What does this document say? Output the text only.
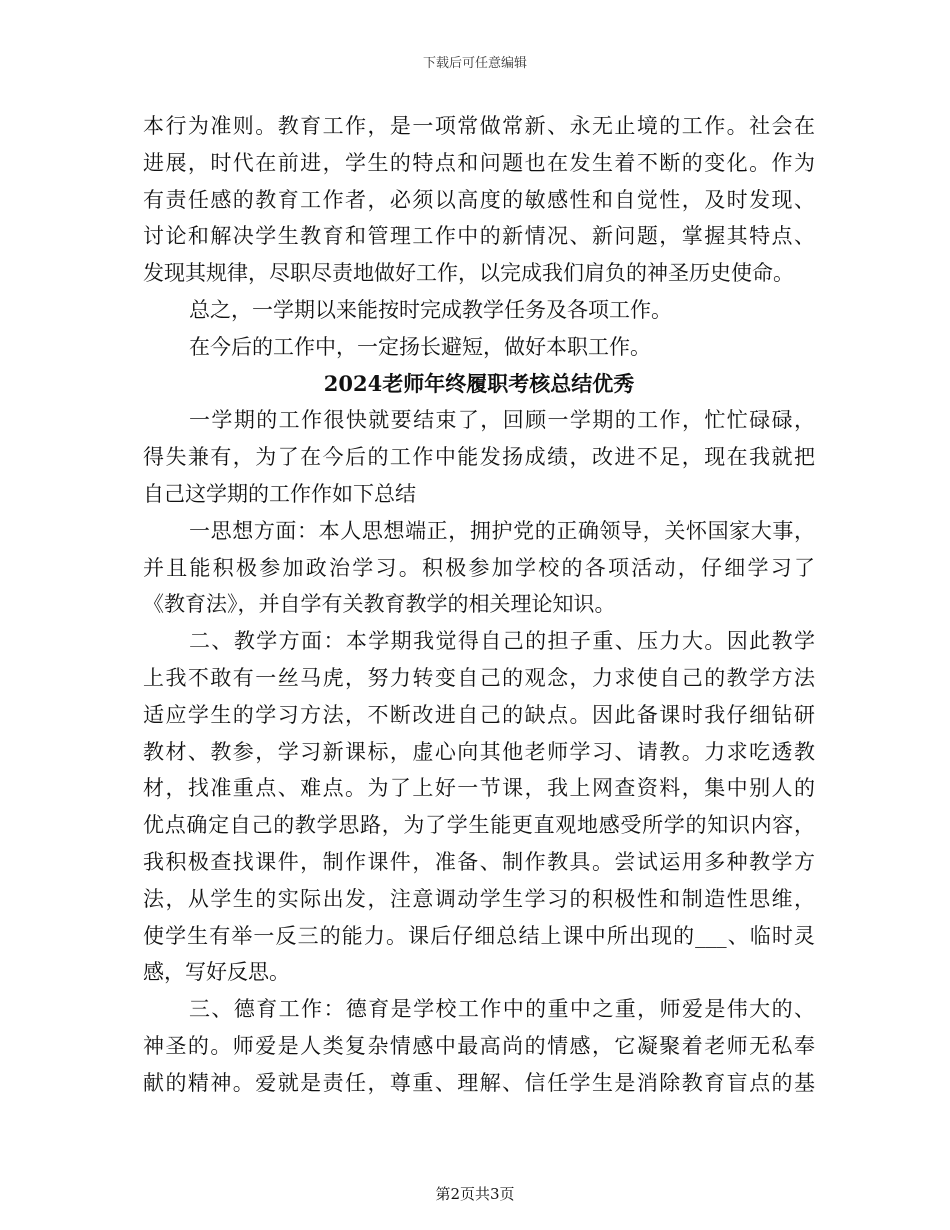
下载后可任意编辑
本行为准则。教育工作，是一项常做常新、永无止境的工作。社会在
进展，时代在前进，学生的特点和问题也在发生着不断的变化。作为
有责任感的教育工作者，必须以高度的敏感性和自觉性，及时发现、
讨论和解决学生教育和管理工作中的新情况、新问题，掌握其特点、
发现其规律，尽职尽责地做好工作，以完成我们肩负的神圣历史使命。
总之，一学期以来能按时完成教学任务及各项工作。
在今后的工作中，一定扬长避短，做好本职工作。
2024老师年终履职考核总结优秀
一学期的工作很快就要结束了，回顾一学期的工作，忙忙碌碌，
得失兼有，为了在今后的工作中能发扬成绩，改进不足，现在我就把
自己这学期的工作作如下总结
一思想方面：本人思想端正，拥护党的正确领导，关怀国家大事，
并且能积极参加政治学习。积极参加学校的各项活动，仔细学习了
《教育法》，并自学有关教育教学的相关理论知识。
二、教学方面：本学期我觉得自己的担子重、压力大。因此教学
上我不敢有一丝马虎，努力转变自己的观念，力求使自己的教学方法
适应学生的学习方法，不断改进自己的缺点。因此备课时我仔细钻研
教材、教参，学习新课标，虚心向其他老师学习、请教。力求吃透教
材，找准重点、难点。为了上好一节课，我上网查资料，集中别人的
优点确定自己的教学思路，为了学生能更直观地感受所学的知识内容，
我积极查找课件，制作课件，准备、制作教具。尝试运用多种教学方
法，从学生的实际出发，注意调动学生学习的积极性和制造性思维，
使学生有举一反三的能力。课后仔细总结上课中所出现的___、临时灵
感，写好反思。
三、德育工作：德育是学校工作中的重中之重，师爱是伟大的、
神圣的。师爱是人类复杂情感中最高尚的情感，它凝聚着老师无私奉
献的精神。爱就是责任，尊重、理解、信任学生是消除教育盲点的基
第2页共3页
